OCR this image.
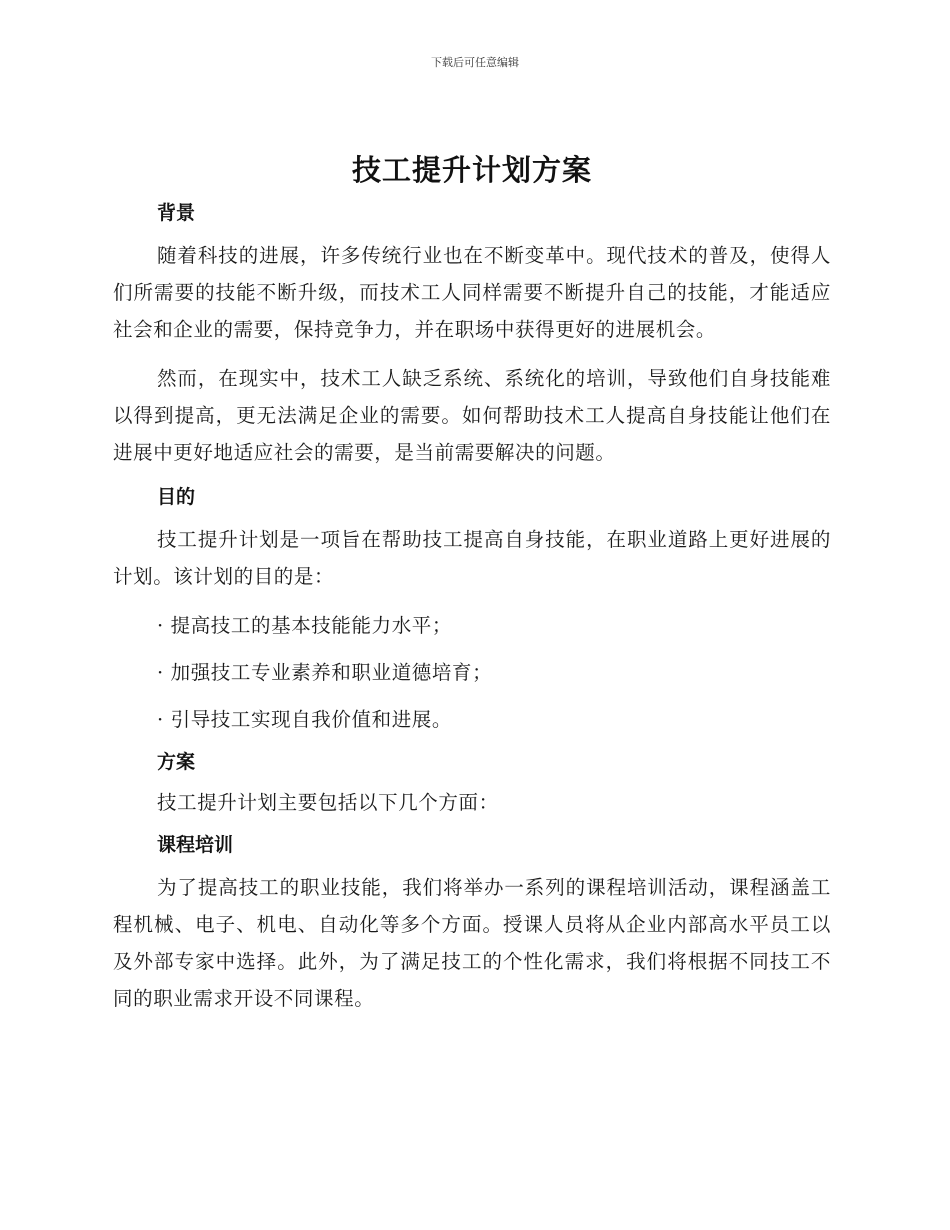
下载后可任意编辑
技工提升计划方案
背景

随着科技的进展，许多传统行业也在不断变革中。现代技术的普及，使得人们所需要的技能不断升级，而技术工人同样需要不断提升自己的技能，才能适应社会和企业的需要，保持竞争力，并在职场中获得更好的进展机会。

然而，在现实中，技术工人缺乏系统、系统化的培训，导致他们自身技能难以得到提高，更无法满足企业的需要。如何帮助技术工人提高自身技能让他们在进展中更好地适应社会的需要，是当前需要解决的问题。

目的

技工提升计划是一项旨在帮助技工提高自身技能，在职业道路上更好进展的计划。该计划的目的是：

· 提高技工的基本技能能力水平；
· 加强技工专业素养和职业道德培育；
· 引导技工实现自我价值和进展。
方案
技工提升计划主要包括以下几个方面：
课程培训

为了提高技工的职业技能，我们将举办一系列的课程培训活动，课程涵盖工程机械、电子、机电、自动化等多个方面。授课人员将从企业内部高水平员工以及外部专家中选择。此外，为了满足技工的个性化需求，我们将根据不同技工不同的职业需求开设不同课程。
